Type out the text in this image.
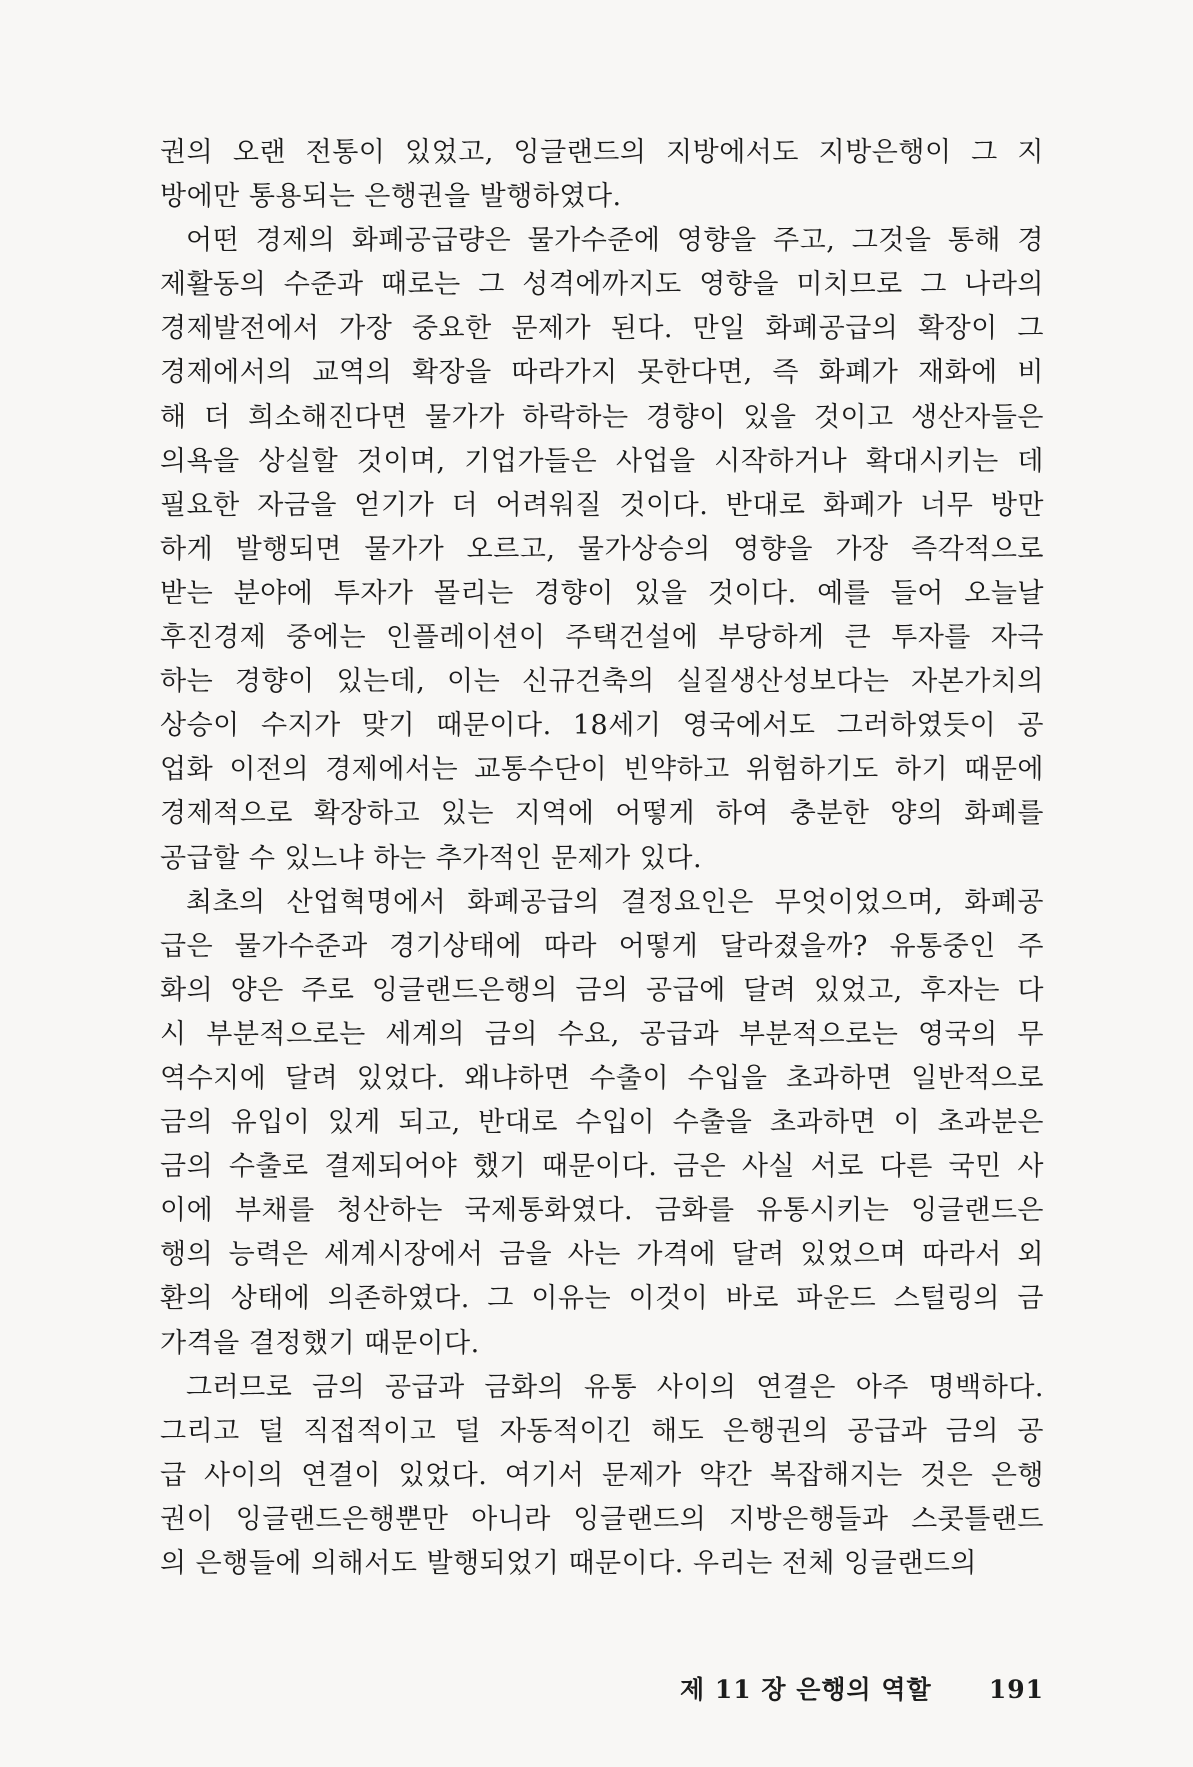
권의 오랜 전통이 있었고, 잉글랜드의 지방에서도 지방은행이 그 지
방에만 통용되는 은행권을 발행하였다.
어떤 경제의 화폐공급량은 물가수준에 영향을 주고, 그것을 통해 경
제활동의 수준과 때로는 그 성격에까지도 영향을 미치므로 그 나라의
경제발전에서 가장 중요한 문제가 된다. 만일 화폐공급의 확장이 그
경제에서의 교역의 확장을 따라가지 못한다면, 즉 화폐가 재화에 비
해 더 희소해진다면 물가가 하락하는 경향이 있을 것이고 생산자들은
의욕을 상실할 것이며, 기업가들은 사업을 시작하거나 확대시키는 데
필요한 자금을 얻기가 더 어려워질 것이다. 반대로 화폐가 너무 방만
하게 발행되면 물가가 오르고, 물가상승의 영향을 가장 즉각적으로
받는 분야에 투자가 몰리는 경향이 있을 것이다. 예를 들어 오늘날
후진경제 중에는 인플레이션이 주택건설에 부당하게 큰 투자를 자극
하는 경향이 있는데, 이는 신규건축의 실질생산성보다는 자본가치의
상승이 수지가 맞기 때문이다. 18세기 영국에서도 그러하였듯이 공
업화 이전의 경제에서는 교통수단이 빈약하고 위험하기도 하기 때문에
경제적으로 확장하고 있는 지역에 어떻게 하여 충분한 양의 화폐를
공급할 수 있느냐 하는 추가적인 문제가 있다.
최초의 산업혁명에서 화폐공급의 결정요인은 무엇이었으며, 화폐공
급은 물가수준과 경기상태에 따라 어떻게 달라졌을까? 유통중인 주
화의 양은 주로 잉글랜드은행의 금의 공급에 달려 있었고, 후자는 다
시 부분적으로는 세계의 금의 수요, 공급과 부분적으로는 영국의 무
역수지에 달려 있었다. 왜냐하면 수출이 수입을 초과하면 일반적으로
금의 유입이 있게 되고, 반대로 수입이 수출을 초과하면 이 초과분은
금의 수출로 결제되어야 했기 때문이다. 금은 사실 서로 다른 국민 사
이에 부채를 청산하는 국제통화였다. 금화를 유통시키는 잉글랜드은
행의 능력은 세계시장에서 금을 사는 가격에 달려 있었으며 따라서 외
환의 상태에 의존하였다. 그 이유는 이것이 바로 파운드 스털링의 금
가격을 결정했기 때문이다.
그러므로 금의 공급과 금화의 유통 사이의 연결은 아주 명백하다.
그리고 덜 직접적이고 덜 자동적이긴 해도 은행권의 공급과 금의 공
급 사이의 연결이 있었다. 여기서 문제가 약간 복잡해지는 것은 은행
권이 잉글랜드은행뿐만 아니라 잉글랜드의 지방은행들과 스콧틀랜드
의 은행들에 의해서도 발행되었기 때문이다. 우리는 전체 잉글랜드의
제 11 장 은행의 역할 191
